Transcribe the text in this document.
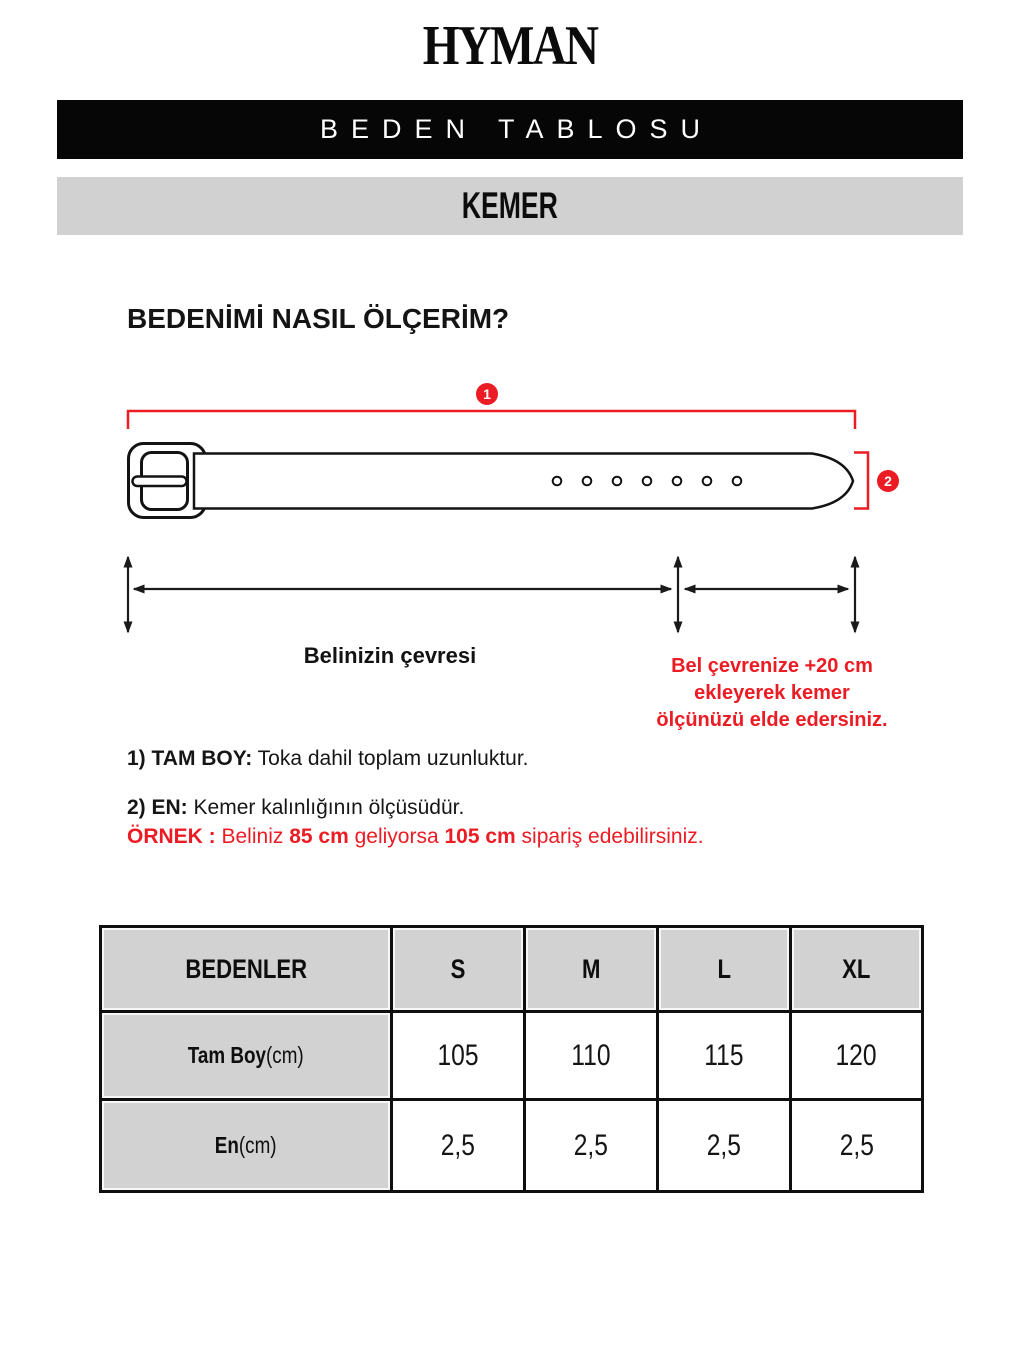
HYMAN
BEDEN TABLOSU
KEMER
BEDENİMİ NASIL ÖLÇERİM?
1
2
Belinizin çevresi	Bel çevrenize +20 cm
ekleyerek kemer
ölçünüzü elde edersiniz.
1) TAM BOY: Toka dahil toplam uzunluktur.
2) EN: Kemer kalınlığının ölçüsüdür.
ÖRNEK : Beliniz 85 cm geliyorsa 105 cm sipariş edebilirsiniz.
BEDENLER	S	M	L	XL
Tam Boy(cm)	105	110	115	120
En(cm)	2,5	2,5	2,5	2,5
